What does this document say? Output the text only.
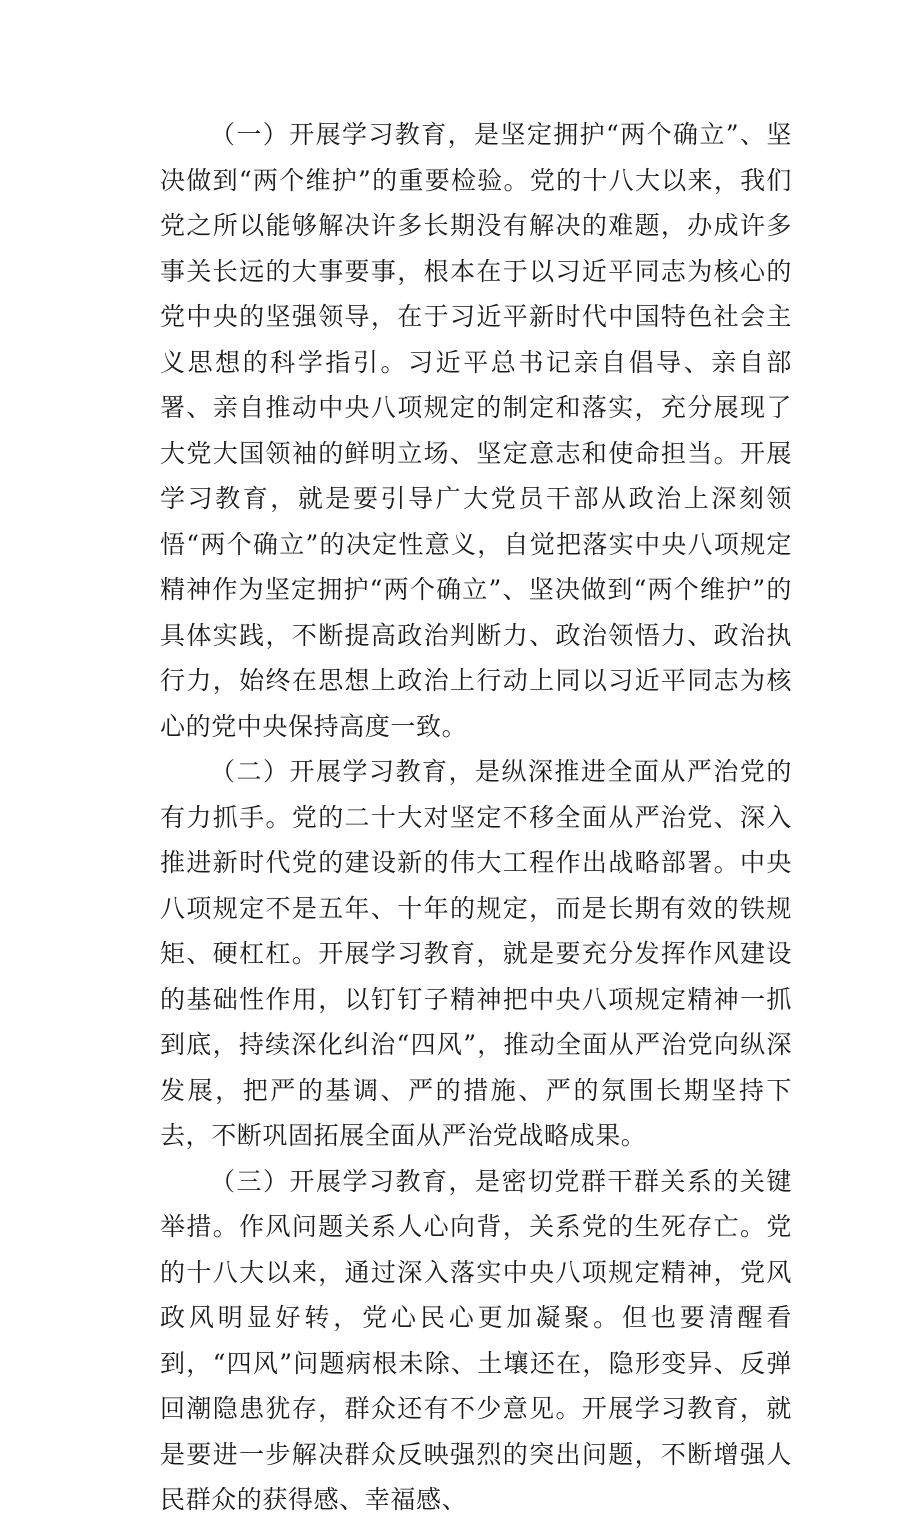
（一）开展学习教育，是坚定拥护“两个确立”、坚决做到“两个维护”的重要检验。党的十八大以来，我们党之所以能够解决许多长期没有解决的难题，办成许多事关长远的大事要事，根本在于以习近平同志为核心的党中央的坚强领导，在于习近平新时代中国特色社会主义思想的科学指引。习近平总书记亲自倡导、亲自部署、亲自推动中央八项规定的制定和落实，充分展现了大党大国领袖的鲜明立场、坚定意志和使命担当。开展学习教育，就是要引导广大党员干部从政治上深刻领悟“两个确立”的决定性意义，自觉把落实中央八项规定精神作为坚定拥护“两个确立”、坚决做到“两个维护”的具体实践，不断提高政治判断力、政治领悟力、政治执行力，始终在思想上政治上行动上同以习近平同志为核心的党中央保持高度一致。

（二）开展学习教育，是纵深推进全面从严治党的有力抓手。党的二十大对坚定不移全面从严治党、深入推进新时代党的建设新的伟大工程作出战略部署。中央八项规定不是五年、十年的规定，而是长期有效的铁规矩、硬杠杠。开展学习教育，就是要充分发挥作风建设的基础性作用，以钉钉子精神把中央八项规定精神一抓到底，持续深化纠治“四风”，推动全面从严治党向纵深发展，把严的基调、严的措施、严的氛围长期坚持下去，不断巩固拓展全面从严治党战略成果。

（三）开展学习教育，是密切党群干群关系的关键举措。作风问题关系人心向背，关系党的生死存亡。党的十八大以来，通过深入落实中央八项规定精神，党风政风明显好转，党心民心更加凝聚。但也要清醒看到，“四风”问题病根未除、土壤还在，隐形变异、反弹回潮隐患犹存，群众还有不少意见。开展学习教育，就是要进一步解决群众反映强烈的突出问题，不断增强人民群众的获得感、幸福感、
